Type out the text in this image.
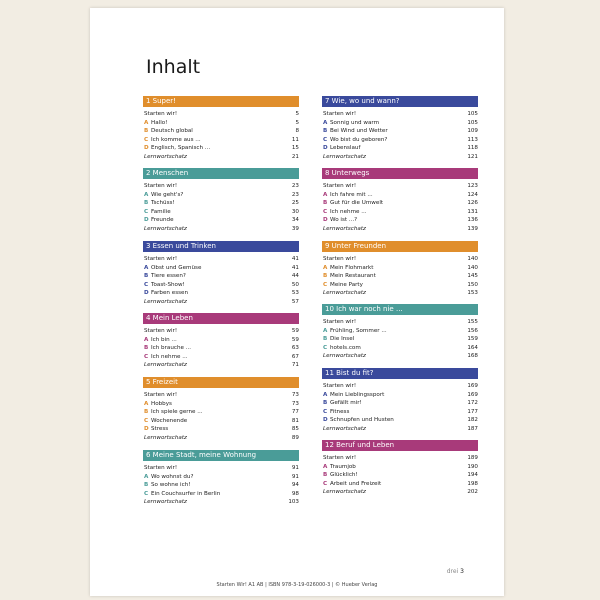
Inhalt
1 Super!
Starten wir!	5
A Hallo!	5
B Deutsch global	8
C Ich komme aus ...	11
D Englisch, Spanisch ...	15
Lernwortschatz	21
2 Menschen
Starten wir!	23
A Wie geht's?	23
B Tschüss!	25
C Familie	30
D Freunde	34
Lernwortschatz	39
3 Essen und Trinken
Starten wir!	41
A Obst und Gemüse	41
B Tiere essen?	44
C Toast-Show!	50
D Farben essen	53
Lernwortschatz	57
4 Mein Leben
Starten wir!	59
A Ich bin ...	59
B Ich brauche ...	63
C Ich nehme ...	67
Lernwortschatz	71
5 Freizeit
Starten wir!	73
A Hobbys	73
B Ich spiele gerne ...	77
C Wochenende	81
D Stress	85
Lernwortschatz	89
6 Meine Stadt, meine Wohnung
Starten wir!	91
A Wo wohnst du?	91
B So wohne ich!	94
C Ein Couchsurfer in Berlin	98
Lernwortschatz	103
7 Wie, wo und wann?
Starten wir!	105
A Sonnig und warm	105
B Bei Wind und Wetter	109
C Wo bist du geboren?	113
D Lebenslauf	118
Lernwortschatz	121
8 Unterwegs
Starten wir!	123
A Ich fahre mit ...	124
B Gut für die Umwelt	126
C Ich nehme ...	131
D Wo ist ...?	136
Lernwortschatz	139
9 Unter Freunden
Starten wir!	140
A Mein Flohmarkt	140
B Mein Restaurant	145
C Meine Party	150
Lernwortschatz	153
10 Ich war noch nie ...
Starten wir!	155
A Frühling, Sommer ...	156
B Die Insel	159
C hotels.com	164
Lernwortschatz	168
11 Bist du fit?
Starten wir!	169
A Mein Lieblingssport	169
B Gefällt mir!	172
C Fitness	177
D Schnupfen und Husten	182
Lernwortschatz	187
12 Beruf und Leben
Starten wir!	189
A Traumjob	190
B Glücklich!	194
C Arbeit und Freizeit	198
Lernwortschatz	202
drei 3
Starten Wir! A1 AB | ISBN 978-3-19-026000-3 | © Hueber Verlag
